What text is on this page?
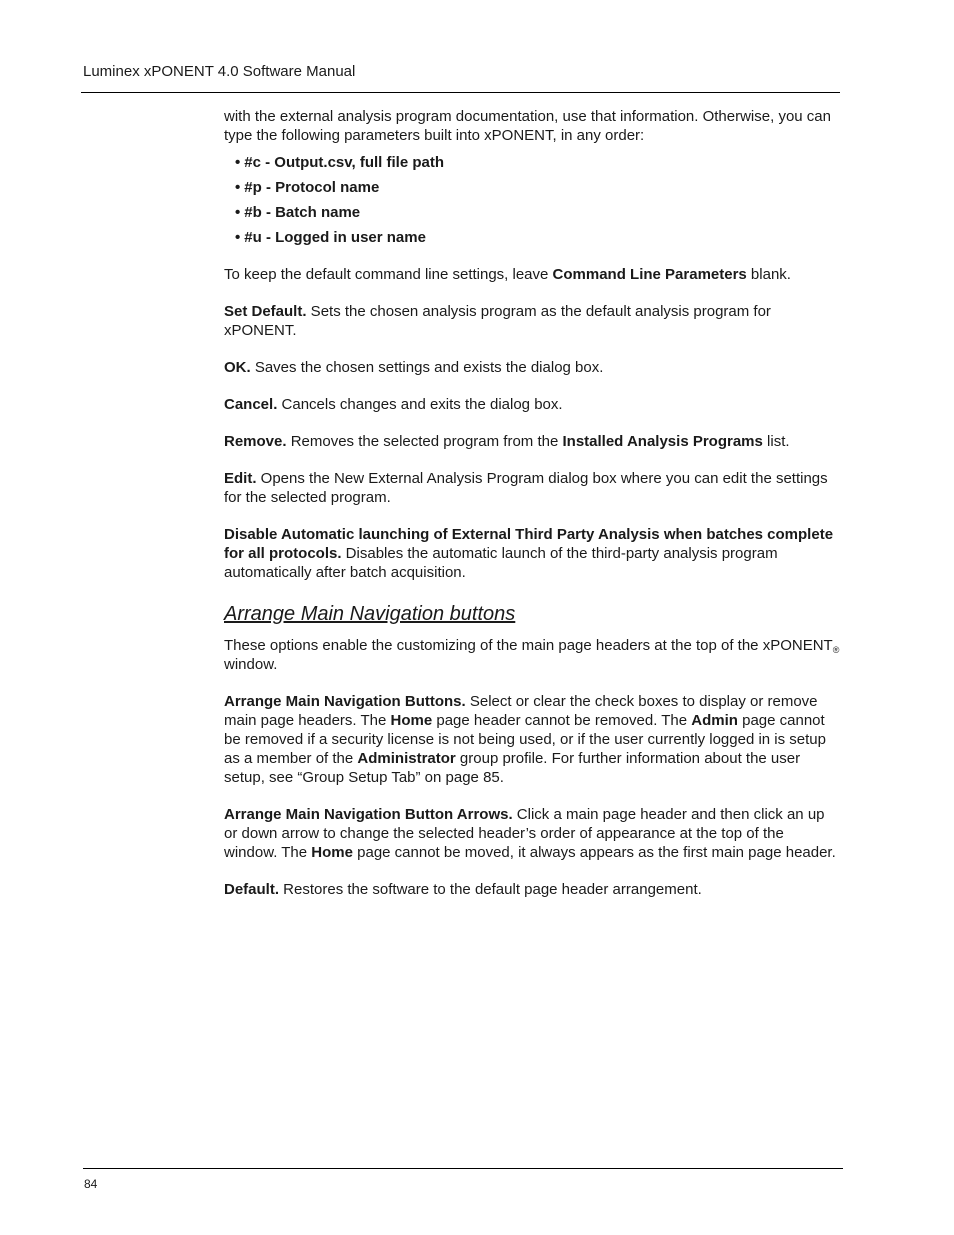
Luminex xPONENT 4.0 Software Manual

with the external analysis program documentation, use that information. Otherwise, you can type the following parameters built into xPONENT, in any order:

• #c - Output.csv, full file path
• #p - Protocol name
• #b - Batch name
• #u - Logged in user name

To keep the default command line settings, leave Command Line Parameters blank.

Set Default. Sets the chosen analysis program as the default analysis program for xPONENT.

OK. Saves the chosen settings and exists the dialog box.

Cancel. Cancels changes and exits the dialog box.

Remove. Removes the selected program from the Installed Analysis Programs list.

Edit. Opens the New External Analysis Program dialog box where you can edit the settings for the selected program.

Disable Automatic launching of External Third Party Analysis when batches complete for all protocols. Disables the automatic launch of the third-party analysis program automatically after batch acquisition.

Arrange Main Navigation buttons

These options enable the customizing of the main page headers at the top of the xPONENT$_®$ window.

Arrange Main Navigation Buttons. Select or clear the check boxes to display or remove main page headers. The Home page header cannot be removed. The Admin page cannot be removed if a security license is not being used, or if the user currently logged in is setup as a member of the Administrator group profile. For further information about the user setup, see “Group Setup Tab” on page 85.

Arrange Main Navigation Button Arrows. Click a main page header and then click an up or down arrow to change the selected header’s order of appearance at the top of the window. The Home page cannot be moved, it always appears as the first main page header.

Default. Restores the software to the default page header arrangement.

84
